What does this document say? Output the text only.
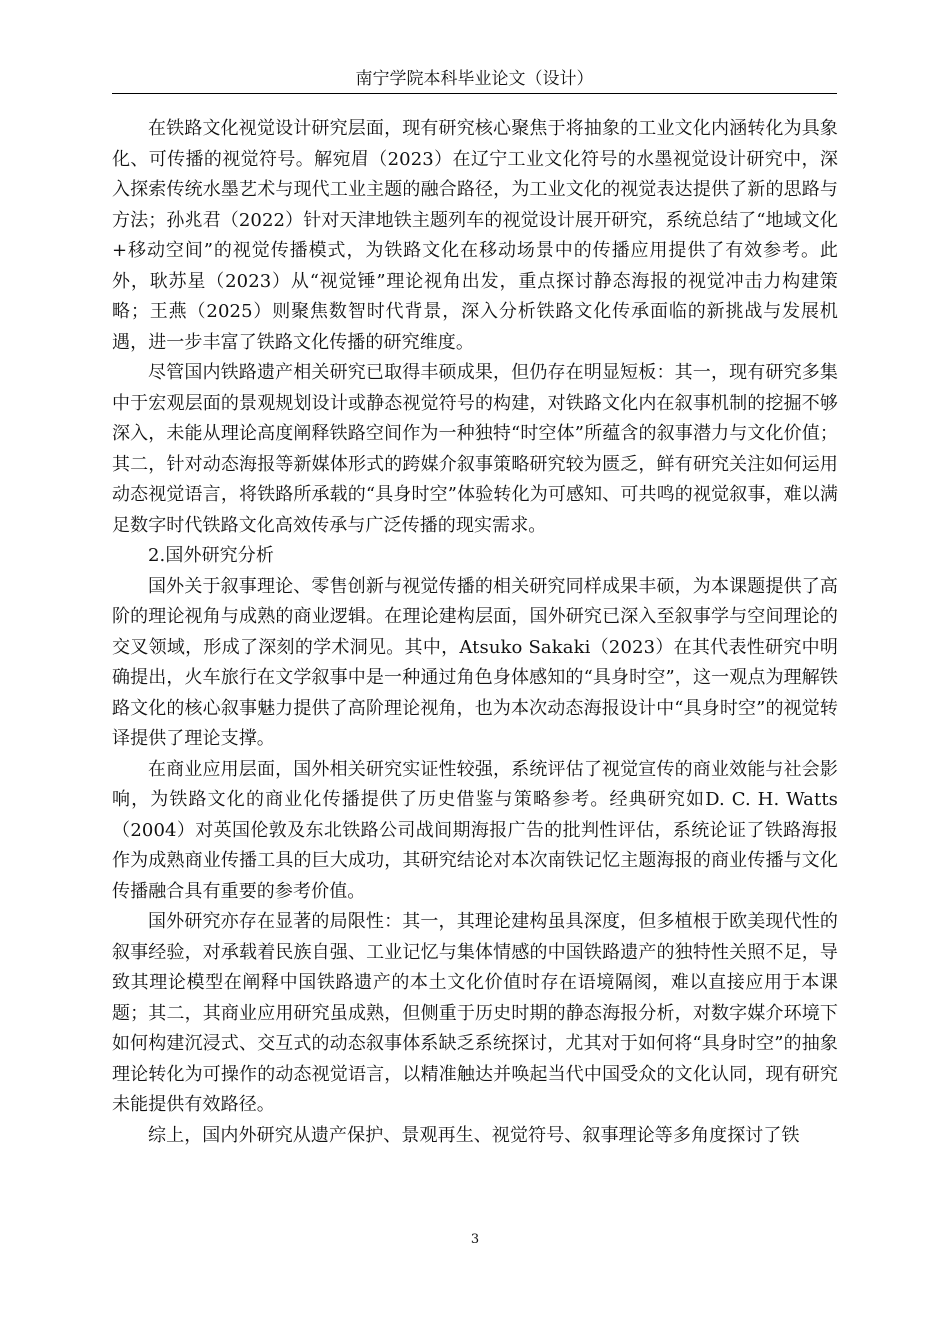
南宁学院本科毕业论文（设计）

在铁路文化视觉设计研究层面，现有研究核心聚焦于将抽象的工业文化内涵转化为具象化、可传播的视觉符号。解宛眉（2023）在辽宁工业文化符号的水墨视觉设计研究中，深入探索传统水墨艺术与现代工业主题的融合路径，为工业文化的视觉表达提供了新的思路与方法；孙兆君（2022）针对天津地铁主题列车的视觉设计展开研究，系统总结了“地域文化+移动空间”的视觉传播模式，为铁路文化在移动场景中的传播应用提供了有效参考。此外，耿苏星（2023）从“视觉锤”理论视角出发，重点探讨静态海报的视觉冲击力构建策略；王燕（2025）则聚焦数智时代背景，深入分析铁路文化传承面临的新挑战与发展机遇，进一步丰富了铁路文化传播的研究维度。

尽管国内铁路遗产相关研究已取得丰硕成果，但仍存在明显短板：其一，现有研究多集中于宏观层面的景观规划设计或静态视觉符号的构建，对铁路文化内在叙事机制的挖掘不够深入，未能从理论高度阐释铁路空间作为一种独特“时空体”所蕴含的叙事潜力与文化价值；其二，针对动态海报等新媒体形式的跨媒介叙事策略研究较为匮乏，鲜有研究关注如何运用动态视觉语言，将铁路所承载的“具身时空”体验转化为可感知、可共鸣的视觉叙事，难以满足数字时代铁路文化高效传承与广泛传播的现实需求。

2.国外研究分析

国外关于叙事理论、零售创新与视觉传播的相关研究同样成果丰硕，为本课题提供了高阶的理论视角与成熟的商业逻辑。在理论建构层面，国外研究已深入至叙事学与空间理论的交叉领域，形成了深刻的学术洞见。其中，Atsuko Sakaki（2023）在其代表性研究中明确提出，火车旅行在文学叙事中是一种通过角色身体感知的“具身时空”，这一观点为理解铁路文化的核心叙事魅力提供了高阶理论视角，也为本次动态海报设计中“具身时空”的视觉转译提供了理论支撑。

在商业应用层面，国外相关研究实证性较强，系统评估了视觉宣传的商业效能与社会影响，为铁路文化的商业化传播提供了历史借鉴与策略参考。经典研究如D. C. H. Watts（2004）对英国伦敦及东北铁路公司战间期海报广告的批判性评估，系统论证了铁路海报作为成熟商业传播工具的巨大成功，其研究结论对本次南铁记忆主题海报的商业传播与文化传播融合具有重要的参考价值。

国外研究亦存在显著的局限性：其一，其理论建构虽具深度，但多植根于欧美现代性的叙事经验，对承载着民族自强、工业记忆与集体情感的中国铁路遗产的独特性关照不足，导致其理论模型在阐释中国铁路遗产的本土文化价值时存在语境隔阂，难以直接应用于本课题；其二，其商业应用研究虽成熟，但侧重于历史时期的静态海报分析，对数字媒介环境下如何构建沉浸式、交互式的动态叙事体系缺乏系统探讨，尤其对于如何将“具身时空”的抽象理论转化为可操作的动态视觉语言，以精准触达并唤起当代中国受众的文化认同，现有研究未能提供有效路径。

综上，国内外研究从遗产保护、景观再生、视觉符号、叙事理论等多角度探讨了铁

3
